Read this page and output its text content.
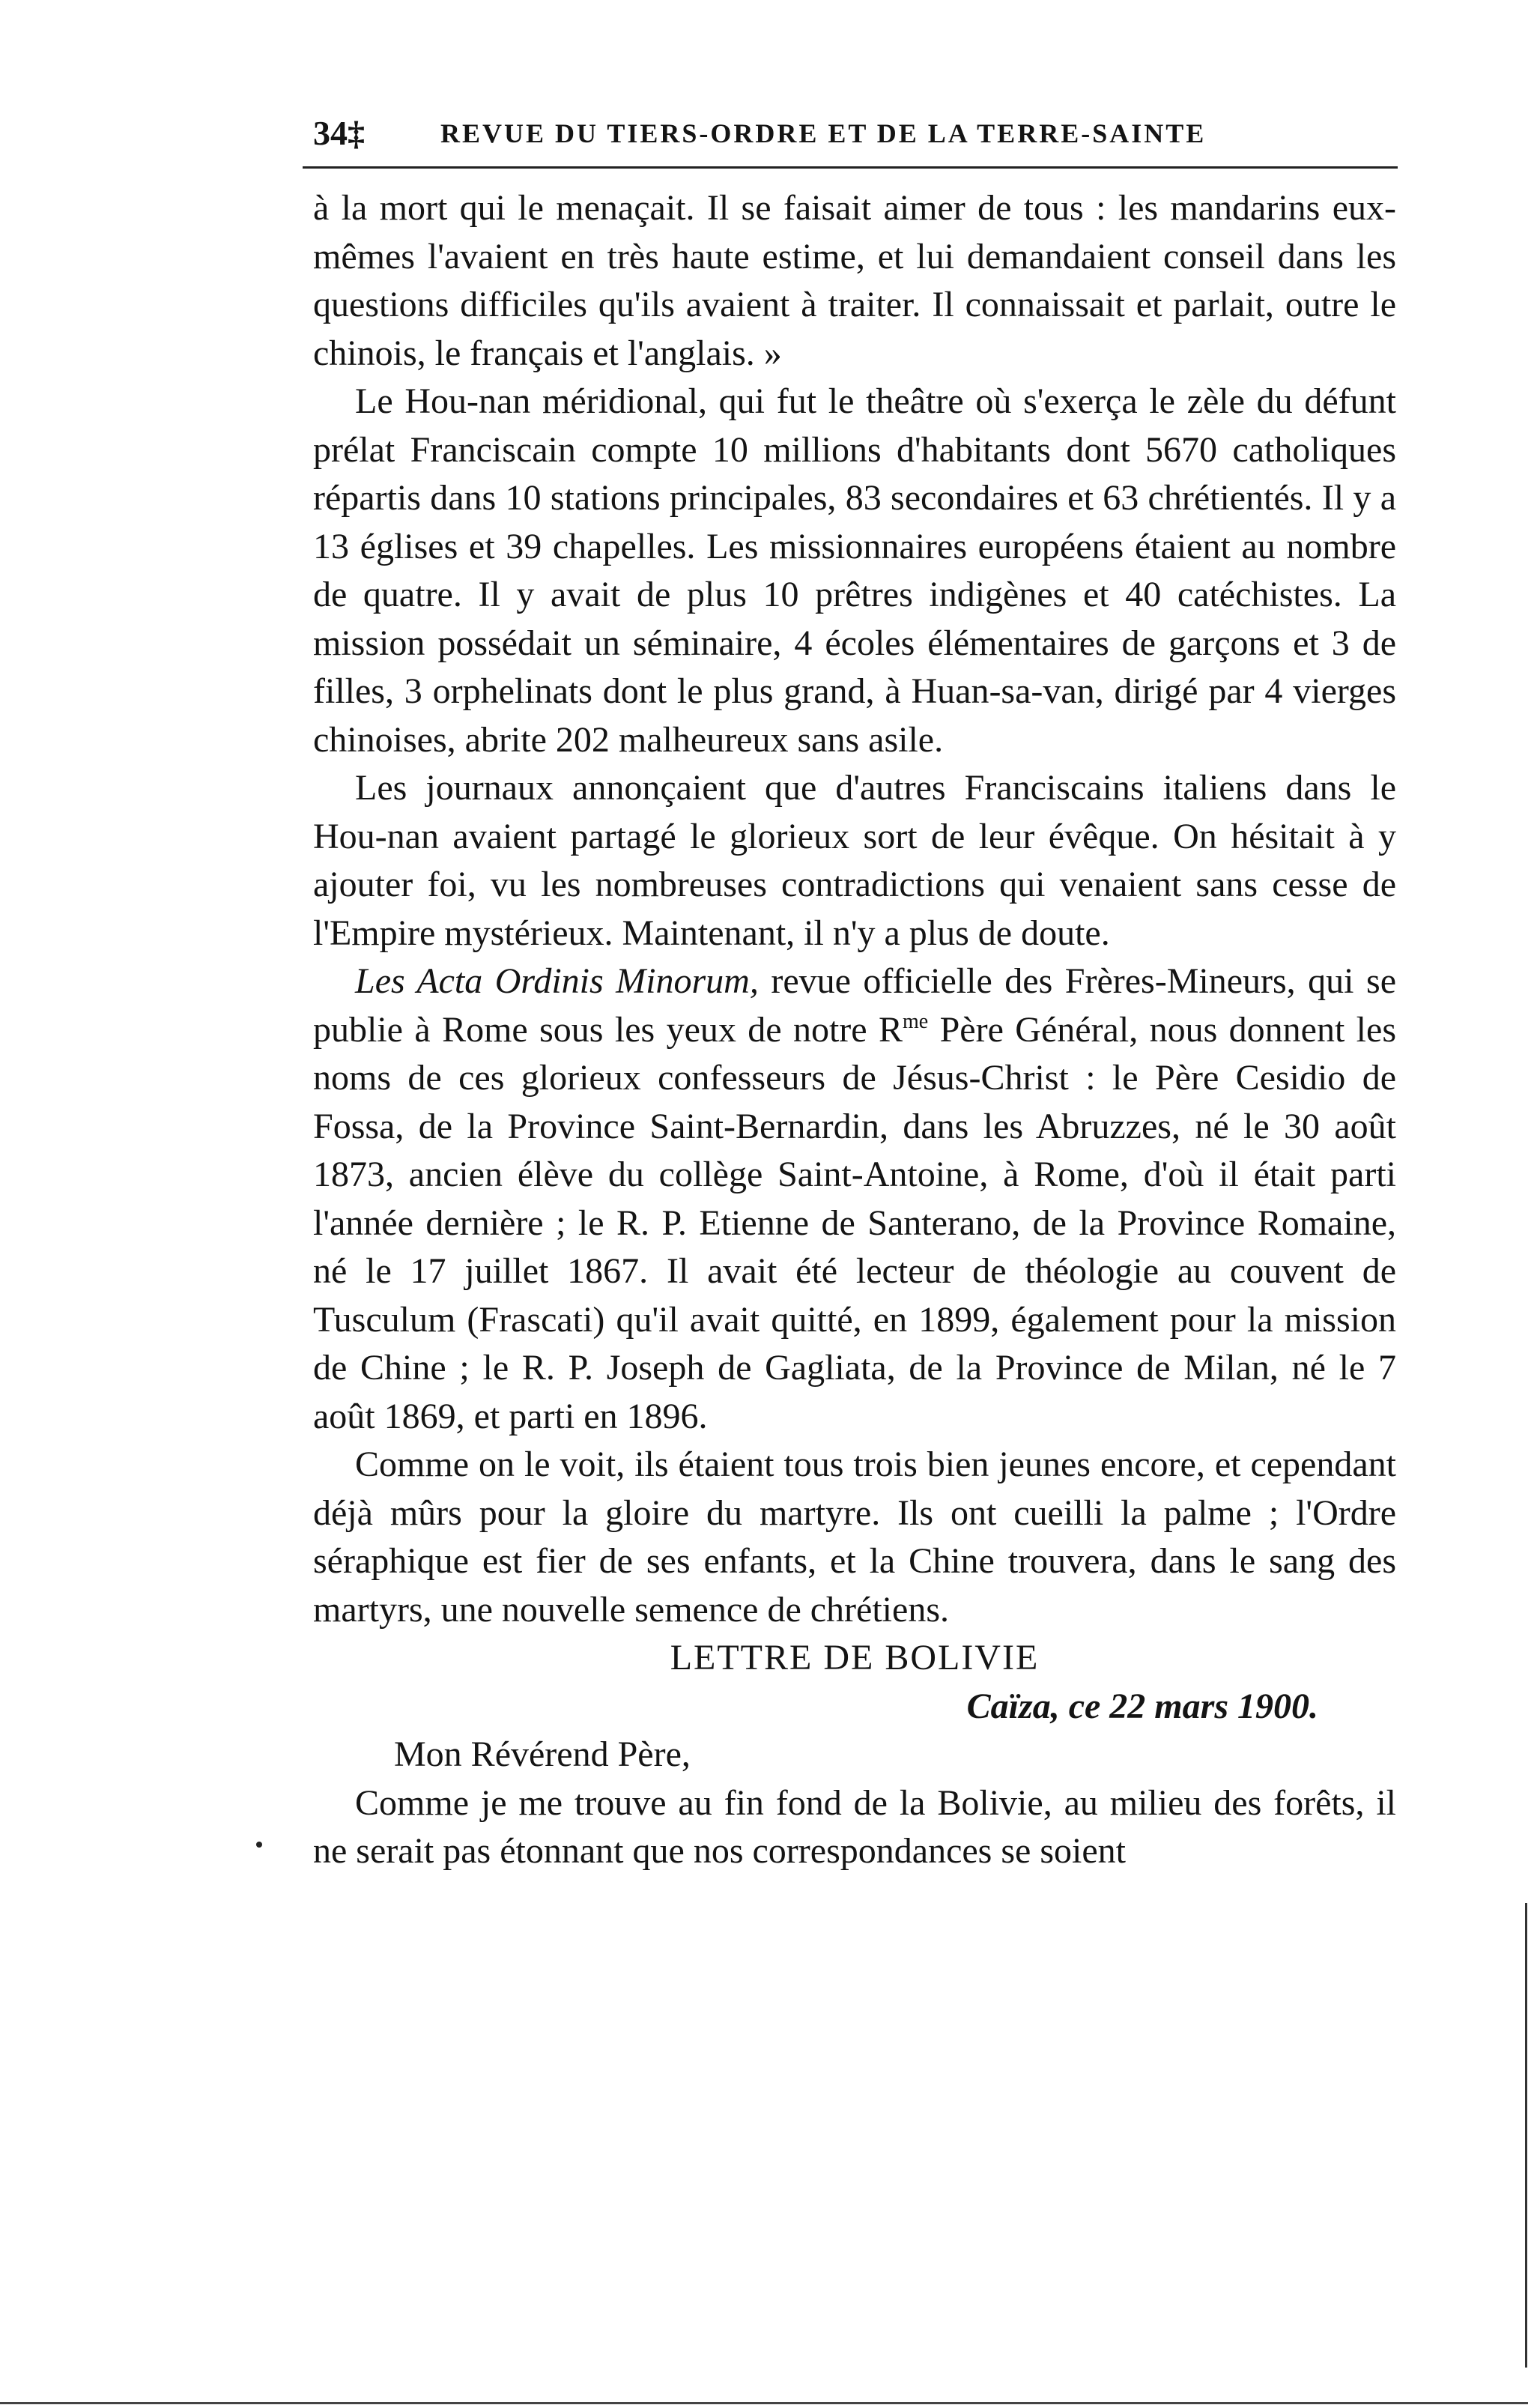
34‡	REVUE DU TIERS-ORDRE ET DE LA TERRE-SAINTE

à la mort qui le menaçait. Il se faisait aimer de tous : les mandarins eux-mêmes l'avaient en très haute estime, et lui demandaient conseil dans les questions difficiles qu'ils avaient à traiter. Il connaissait et parlait, outre le chinois, le français et l'anglais. »

Le Hou-nan méridional, qui fut le theâtre où s'exerça le zèle du défunt prélat Franciscain compte 10 millions d'habitants dont 5670 catholiques répartis dans 10 stations principales, 83 secondaires et 63 chrétientés. Il y a 13 églises et 39 chapelles. Les missionnaires européens étaient au nombre de quatre. Il y avait de plus 10 prêtres indigènes et 40 catéchistes. La mission possédait un séminaire, 4 écoles élémentaires de garçons et 3 de filles, 3 orphelinats dont le plus grand, à Huan-sa-van, dirigé par 4 vierges chinoises, abrite 202 malheureux sans asile.

Les journaux annonçaient que d'autres Franciscains italiens dans le Hou-nan avaient partagé le glorieux sort de leur évêque. On hésitait à y ajouter foi, vu les nombreuses contradictions qui venaient sans cesse de l'Empire mystérieux. Maintenant, il n'y a plus de doute.

Les Acta Ordinis Minorum, revue officielle des Frères-Mineurs, qui se publie à Rome sous les yeux de notre $R^{me}$ Père Général, nous donnent les noms de ces glorieux confesseurs de Jésus-Christ : le Père Cesidio de Fossa, de la Province Saint-Bernardin, dans les Abruzzes, né le 30 août 1873, ancien élève du collège Saint-Antoine, à Rome, d'où il était parti l'année dernière ; le R. P. Etienne de Santerano, de la Province Romaine, né le 17 juillet 1867. Il avait été lecteur de théologie au couvent de Tusculum (Frascati) qu'il avait quitté, en 1899, également pour la mission de Chine ; le R. P. Joseph de Gagliata, de la Province de Milan, né le 7 août 1869, et parti en 1896.

Comme on le voit, ils étaient tous trois bien jeunes encore, et cependant déjà mûrs pour la gloire du martyre. Ils ont cueilli la palme ; l'Ordre séraphique est fier de ses enfants, et la Chine trouvera, dans le sang des martyrs, une nouvelle semence de chrétiens.

LETTRE DE BOLIVIE

Caïza, ce 22 mars 1900.

Mon Révérend Père,

Comme je me trouve au fin fond de la Bolivie, au milieu des forêts, il ne serait pas étonnant que nos correspondances se soient
